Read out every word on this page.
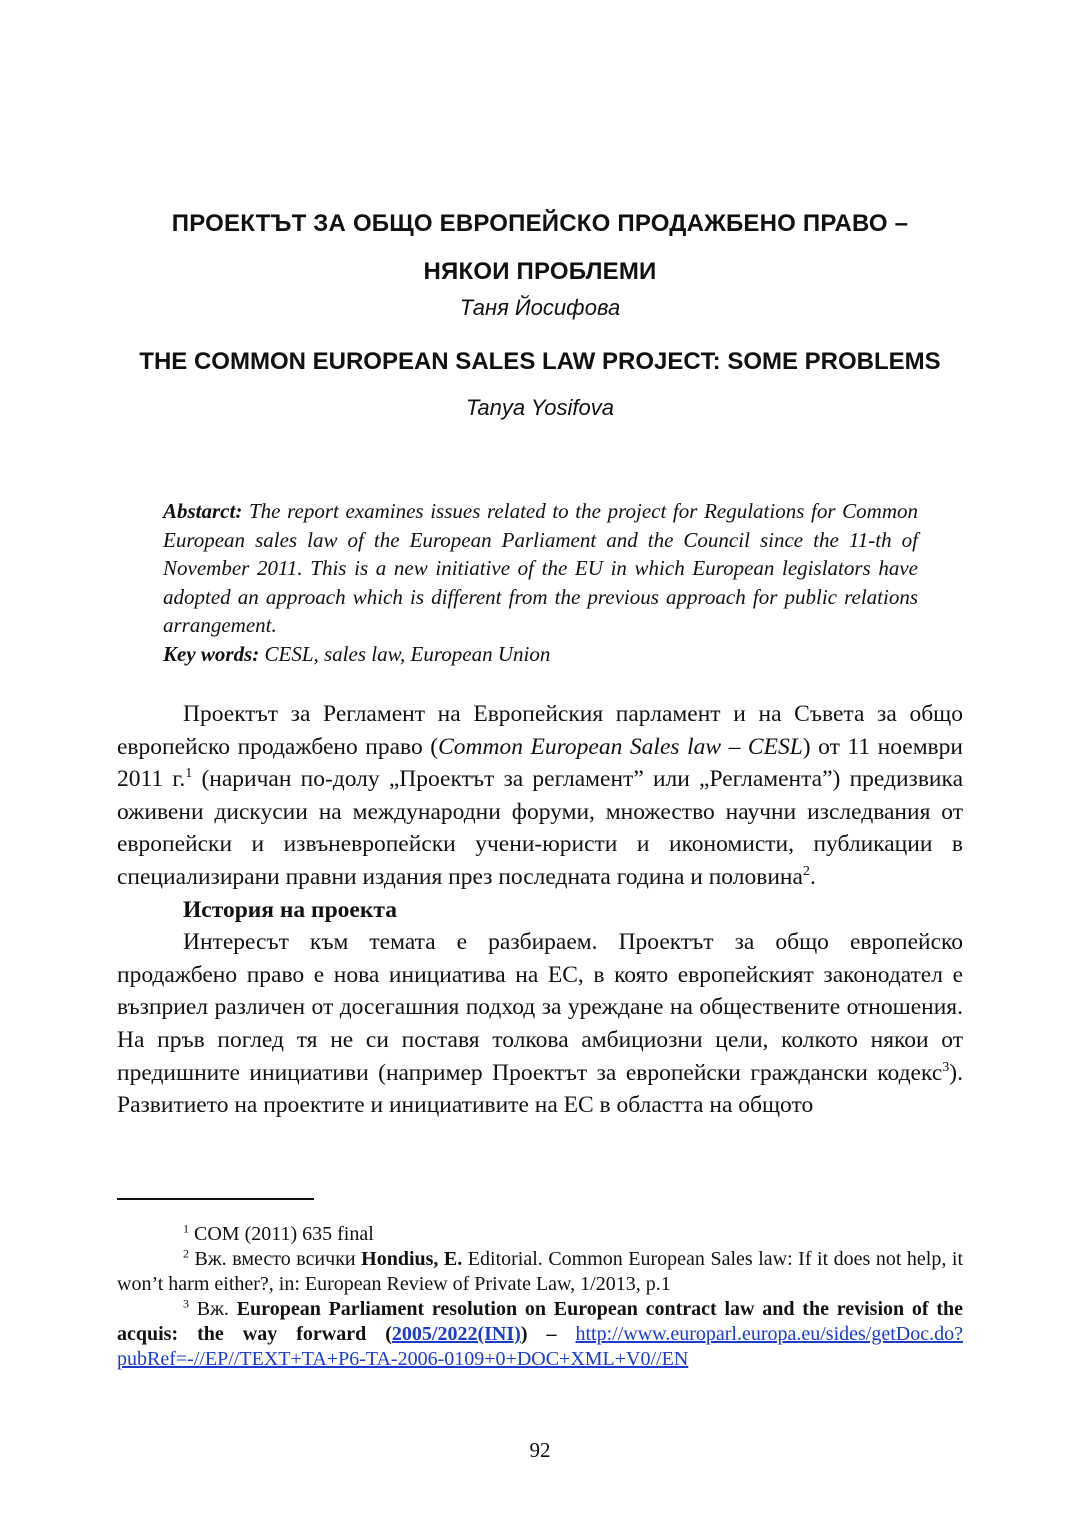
ПРОЕКТЪТ ЗА ОБЩО ЕВРОПЕЙСКО ПРОДАЖБЕНО ПРАВО –
НЯКОИ ПРОБЛЕМИ
Таня Йосифова
THE COMMON EUROPEAN SALES LAW PROJECT: SOME PROBLEMS
Tanya Yosifova

Abstarct: The report examines issues related to the project for Regulations for Common European sales law of the European Parliament and the Council since the 11-th of November 2011. This is a new initiative of the EU in which European legislators have adopted an approach which is different from the previous approach for public relations arrangement.

Key words: CESL, sales law, European Union

Проектът за Регламент на Европейския парламент и на Съвета за общо европейско продажбено право (Common European Sales law – CESL) от 11 ноември 2011 г.$^1$ (наричан по-долу „Проектът за регламент” или „Регламента”) предизвика оживени дискусии на международни форуми, множество научни изследвания от европейски и извъневропейски учени-юристи и икономисти, публикации в специализирани правни издания през последната година и половина$^2$.

История на проекта

Интересът към темата е разбираем. Проектът за общо европейско продажбено право е нова инициатива на ЕС, в която европейският законодател е възприел различен от досегашния подход за уреждане на обществените отношения. На пръв поглед тя не си поставя толкова амбициозни цели, колкото някои от предишните инициативи (например Проектът за европейски граждански кодекс$^3$). Развитието на проектите и инициативите на ЕС в областта на общото

$^1$ COM (2011) 635 final

$^2$ Вж. вместо всички Hondius, E. Editorial. Common European Sales law: If it does not help, it won’t harm either?, in: European Review of Private Law, 1/2013, p.1

$^3$ Вж. European Parliament resolution on European contract law and the revision of the acquis: the way forward (2005/2022(INI)) – http://www.europarl.europa.eu/sides/getDoc.do?pubRef=-//EP//TEXT+TA+P6-TA-2006-0109+0+DOC+XML+V0//EN

92
